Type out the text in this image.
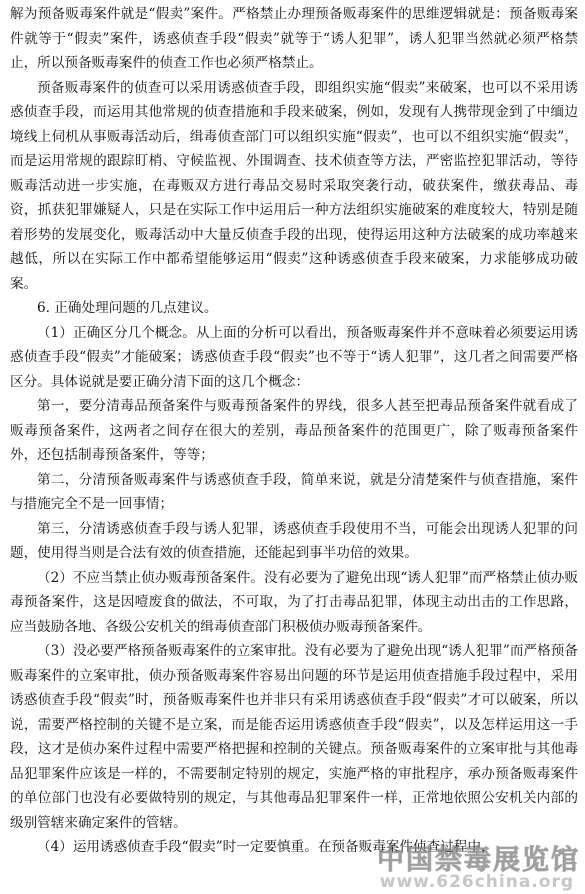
解为预备贩毒案件就是“假卖”案件。严格禁止办理预备贩毒案件的思维逻辑就是：预备贩毒案件就等于“假卖”案件，诱惑侦查手段“假卖”就等于“诱人犯罪”，诱人犯罪当然就必须严格禁止，所以预备贩毒案件的侦查工作也必须严格禁止。

预备贩毒案件的侦查可以采用诱惑侦查手段，即组织实施“假卖”来破案，也可以不采用诱惑侦查手段，而运用其他常规的侦查措施和手段来破案，例如，发现有人携带现金到了中缅边境线上伺机从事贩毒活动后，缉毒侦查部门可以组织实施“假卖”，也可以不组织实施“假卖”，而是运用常规的跟踪盯梢、守候监视、外围调查、技术侦查等方法，严密监控犯罪活动，等待贩毒活动进一步实施，在毒贩双方进行毒品交易时采取突袭行动，破获案件，缴获毒品、毒资，抓获犯罪嫌疑人，只是在实际工作中运用后一种方法组织实施破案的难度较大，特别是随着形势的发展变化，贩毒活动中大量反侦查手段的出现，使得运用这种方法破案的成功率越来越低，所以在实际工作中都希望能够运用“假卖”这种诱惑侦查手段来破案，力求能够成功破案。

6. 正确处理问题的几点建议。

（1）正确区分几个概念。从上面的分析可以看出，预备贩毒案件并不意味着必须要运用诱惑侦查手段“假卖”才能破案；诱惑侦查手段“假卖”也不等于“诱人犯罪”，这几者之间需要严格区分。具体说就是要正确分清下面的这几个概念：

第一，要分清毒品预备案件与贩毒预备案件的界线，很多人甚至把毒品预备案件就看成了贩毒预备案件，这两者之间存在很大的差别，毒品预备案件的范围更广，除了贩毒预备案件外，还包括制毒预备案件，等等；

第二，分清预备贩毒案件与诱惑侦查手段，简单来说，就是分清楚案件与侦查措施，案件与措施完全不是一回事情；

第三，分清诱惑侦查手段与诱人犯罪，诱惑侦查手段使用不当，可能会出现诱人犯罪的问题，使用得当则是合法有效的侦查措施，还能起到事半功倍的效果。

（2）不应当禁止侦办贩毒预备案件。没有必要为了避免出现“诱人犯罪”而严格禁止侦办贩毒预备案件，这是因噎废食的做法，不可取，为了打击毒品犯罪，体现主动出击的工作思路，应当鼓励各地、各级公安机关的缉毒侦查部门积极侦办贩毒预备案件。

（3）没必要严格预备贩毒案件的立案审批。没有必要为了避免出现“诱人犯罪”而严格预备贩毒案件的立案审批，侦办预备贩毒案件容易出问题的环节是运用侦查措施手段过程中，采用诱惑侦查手段“假卖”时，预备贩毒案件也并非只有采用诱惑侦查手段“假卖”才可以破案，所以说，需要严格控制的关键不是立案，而是能否运用诱惑侦查手段“假卖”，以及怎样运用这一手段，这才是侦办案件过程中需要严格把握和控制的关键点。预备贩毒案件的立案审批与其他毒品犯罪案件应该是一样的，不需要制定特别的规定，实施严格的审批程序，承办预备贩毒案件的单位部门也没有必要做特别的规定，与其他毒品犯罪案件一样，正常地依照公安机关内部的级别管辖来确定案件的管辖。

（4）运用诱惑侦查手段“假卖”时一定要慎重。在预备贩毒案件侦查过程中，

中国禁毒展览馆
www.626china.org
